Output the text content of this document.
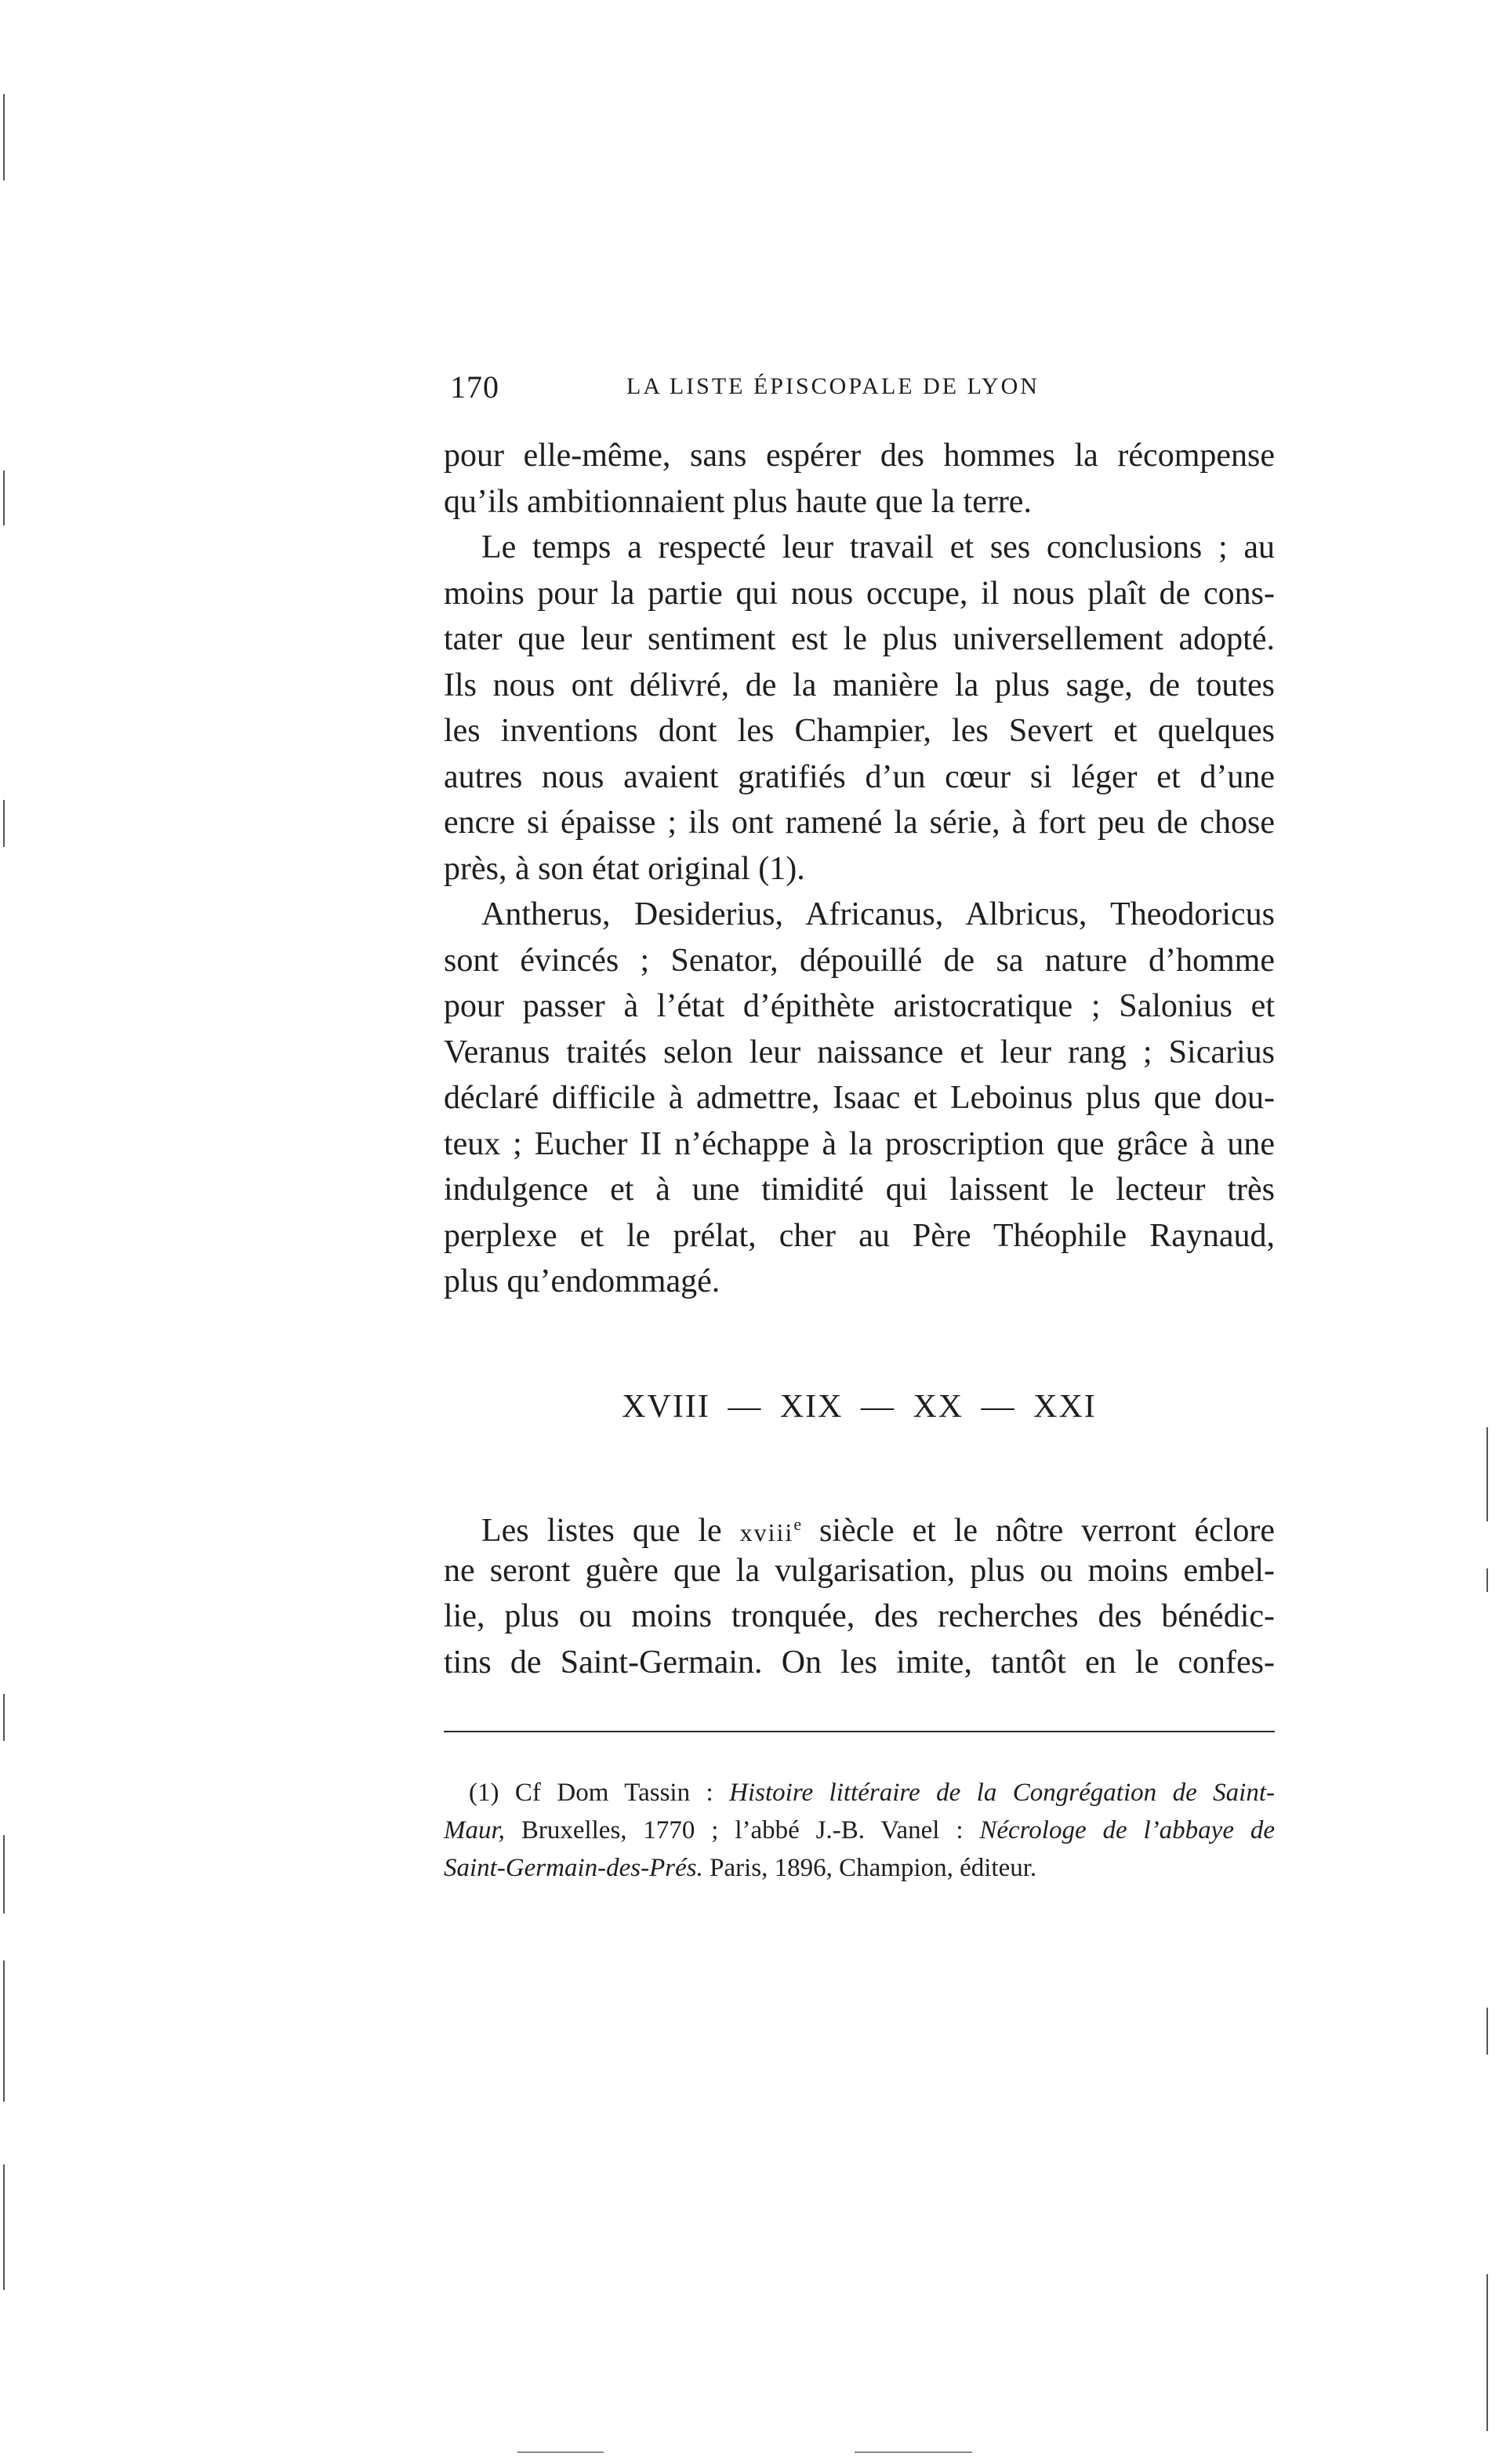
170	LA LISTE ÉPISCOPALE DE LYON
pour elle-même, sans espérer des hommes la récompense
qu’ils ambitionnaient plus haute que la terre.
Le temps a respecté leur travail et ses conclusions ; au
moins pour la partie qui nous occupe, il nous plaît de cons-
tater que leur sentiment est le plus universellement adopté.
Ils nous ont délivré, de la manière la plus sage, de toutes
les inventions dont les Champier, les Severt et quelques
autres nous avaient gratifiés d’un cœur si léger et d’une
encre si épaisse ; ils ont ramené la série, à fort peu de chose
près, à son état original (1).
Antherus, Desiderius, Africanus, Albricus, Theodoricus
sont évincés ; Senator, dépouillé de sa nature d’homme
pour passer à l’état d’épithète aristocratique ; Salonius et
Veranus traités selon leur naissance et leur rang ; Sicarius
déclaré difficile à admettre, Isaac et Leboinus plus que dou-
teux ; Eucher II n’échappe à la proscription que grâce à une
indulgence et à une timidité qui laissent le lecteur très
perplexe et le prélat, cher au Père Théophile Raynaud,
plus qu’endommagé.
XVIII — XIX — XX — XXI
Les listes que le xviii$^e$ siècle et le nôtre verront éclore
ne seront guère que la vulgarisation, plus ou moins embel-
lie, plus ou moins tronquée, des recherches des bénédic-
tins de Saint-Germain. On les imite, tantôt en le confes-
(1) Cf Dom Tassin : Histoire littéraire de la Congrégation de Saint-
Maur, Bruxelles, 1770 ; l’abbé J.-B. Vanel : Nécrologe de l’abbaye de
Saint-Germain-des-Prés. Paris, 1896, Champion, éditeur.
